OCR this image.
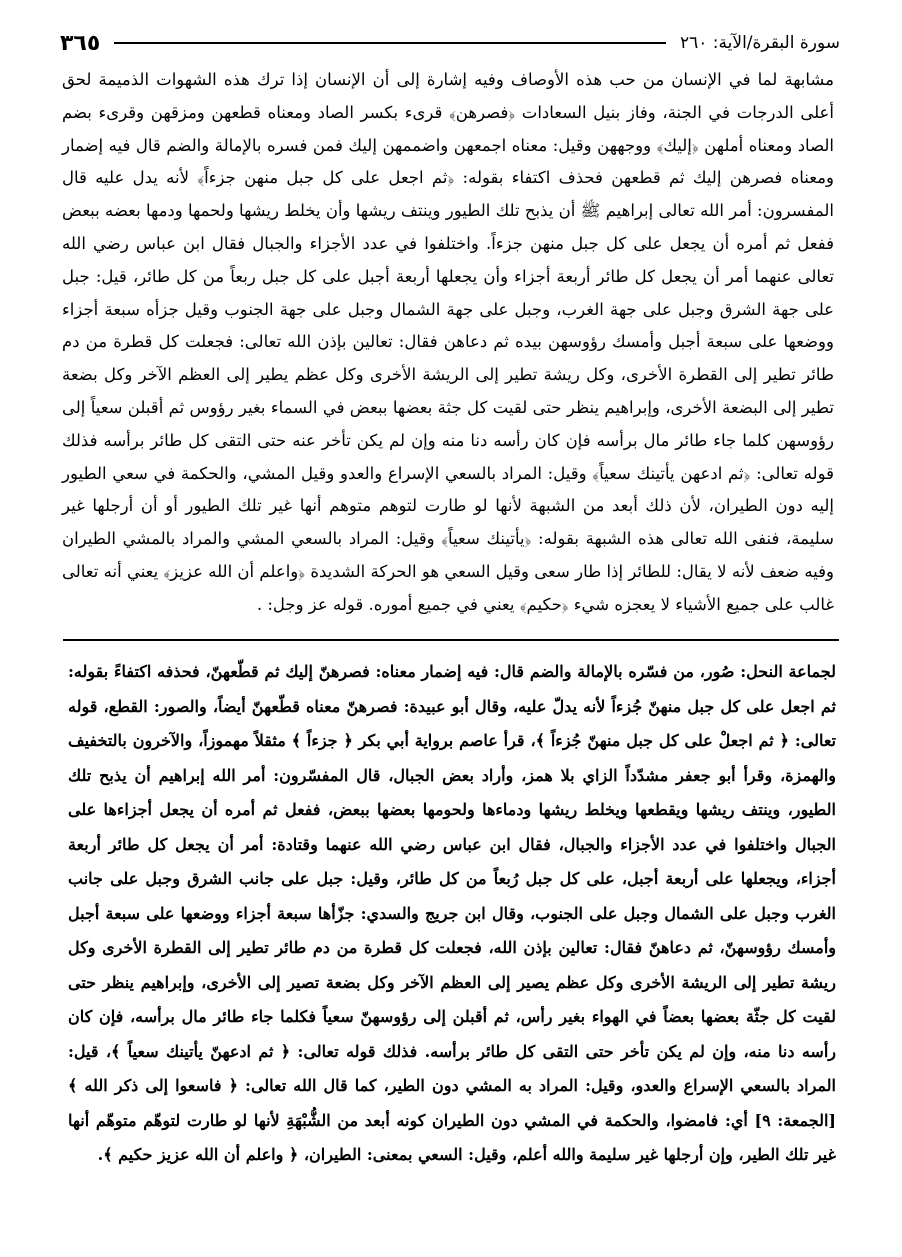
٣٦٥	سورة البقرة/الآية: ٢٦٠

مشابهة لما في الإنسان من حب هذه الأوصاف وفيه إشارة إلى أن الإنسان إذا ترك هذه الشهوات الذميمة لحق أعلى الدرجات في الجنة، وفاز بنيل السعادات ﴿فصرهن﴾ قرىء بكسر الصاد ومعناه قطعهن ومزقهن وقرىء بضم الصاد ومعناه أملهن ﴿إليك﴾ ووجههن وقيل: معناه اجمعهن واضممهن إليك فمن فسره بالإمالة والضم قال فيه إضمار ومعناه فصرهن إليك ثم قطعهن فحذف اكتفاء بقوله: ﴿ثم اجعل على كل جبل منهن جزءاً﴾ لأنه يدل عليه قال المفسرون: أمر الله تعالى إبراهيم ﷺ أن يذبح تلك الطيور وينتف ريشها وأن يخلط ريشها ولحمها ودمها بعضه ببعض ففعل ثم أمره أن يجعل على كل جبل منهن جزءاً. واختلفوا في عدد الأجزاء والجبال فقال ابن عباس رضي الله تعالى عنهما أمر أن يجعل كل طائر أربعة أجزاء وأن يجعلها أربعة أجبل على كل جبل ربعاً من كل طائر، قيل: جبل على جهة الشرق وجبل على جهة الغرب، وجبل على جهة الشمال وجبل على جهة الجنوب وقيل جزأه سبعة أجزاء ووضعها على سبعة أجبل وأمسك رؤوسهن بيده ثم دعاهن فقال: تعالين بإذن الله تعالى: فجعلت كل قطرة من دم طائر تطير إلى القطرة الأخرى، وكل ريشة تطير إلى الريشة الأخرى وكل عظم يطير إلى العظم الآخر وكل بضعة تطير إلى البضعة الأخرى، وإبراهيم ينظر حتى لقيت كل جثة بعضها ببعض في السماء بغير رؤوس ثم أقبلن سعياً إلى رؤوسهن كلما جاء طائر مال برأسه فإن كان رأسه دنا منه وإن لم يكن تأخر عنه حتى التقى كل طائر برأسه فذلك قوله تعالى: ﴿ثم ادعهن يأتينك سعياً﴾ وقيل: المراد بالسعي الإسراع والعدو وقيل المشي، والحكمة في سعي الطيور إليه دون الطيران، لأن ذلك أبعد من الشبهة لأنها لو طارت لتوهم متوهم أنها غير تلك الطيور أو أن أرجلها غير سليمة، فنفى الله تعالى هذه الشبهة بقوله: ﴿يأتينك سعياً﴾ وقيل: المراد بالسعي المشي والمراد بالمشي الطيران وفيه ضعف لأنه لا يقال: للطائر إذا طار سعى وقيل السعي هو الحركة الشديدة ﴿واعلم أن الله عزيز﴾ يعني أنه تعالى غالب على جميع الأشياء لا يعجزه شيء ﴿حكيم﴾ يعني في جميع أموره. قوله عز وجل: .

لجماعة النحل: صُور، من فسّره بالإمالة والضم قال: فيه إضمار معناه: فصرهنّ إليك ثم قطّعهنّ، فحذفه اكتفاءً بقوله: ثم اجعل على كل جبل منهنّ جُزءاً لأنه يدلّ عليه، وقال أبو عبيدة: فصرهنّ معناه قطّعهنّ أيضاً، والصور: القطع، قوله تعالى: ﴿ ثم اجعلْ على كل جبل منهنّ جُزءاً ﴾، قرأ عاصم برواية أبي بكر ﴿ جزءاً ﴾ مثقلاً مهموزاً، والآخرون بالتخفيف والهمزة، وقرأ أبو جعفر مشدّداً الزاي بلا همز، وأراد بعض الجبال، قال المفسّرون: أمر الله إبراهيم أن يذبح تلك الطيور، وينتف ريشها ويقطعها ويخلط ريشها ودماءها ولحومها بعضها ببعض، ففعل ثم أمره أن يجعل أجزاءها على الجبال واختلفوا في عدد الأجزاء والجبال، فقال ابن عباس رضي الله عنهما وقتادة: أمر أن يجعل كل طائر أربعة أجزاء، ويجعلها على أربعة أجبل، على كل جبل رُبعاً من كل طائر، وقيل: جبل على جانب الشرق وجبل على جانب الغرب وجبل على الشمال وجبل على الجنوب، وقال ابن جريج والسدي: جزّأها سبعة أجزاء ووضعها على سبعة أجبل وأمسك رؤوسهنّ، ثم دعاهنّ فقال: تعالين بإذن الله، فجعلت كل قطرة من دم طائر تطير إلى القطرة الأخرى وكل ريشة تطير إلى الريشة الأخرى وكل عظم يصير إلى العظم الآخر وكل بضعة تصير إلى الأخرى، وإبراهيم ينظر حتى لقيت كل جثّة بعضها بعضاً في الهواء بغير رأس، ثم أقبلن إلى رؤوسهنّ سعياً فكلما جاء طائر مال برأسه، فإن كان رأسه دنا منه، وإن لم يكن تأخر حتى التقى كل طائر برأسه. فذلك قوله تعالى: ﴿ ثم ادعهنّ يأتينك سعياً ﴾، قيل: المراد بالسعي الإسراع والعدو، وقيل: المراد به المشي دون الطير، كما قال الله تعالى: ﴿ فاسعوا إلى ذكر الله ﴾ [الجمعة: ٩] أي: فامضوا، والحكمة في المشي دون الطيران كونه أبعد من الشُّبْهَةِ لأنها لو طارت لتوهّم متوهّم أنها غير تلك الطير، وإن أرجلها غير سليمة والله أعلم، وقيل: السعي بمعنى: الطيران، ﴿ واعلم أن الله عزيز حكيم ﴾.
